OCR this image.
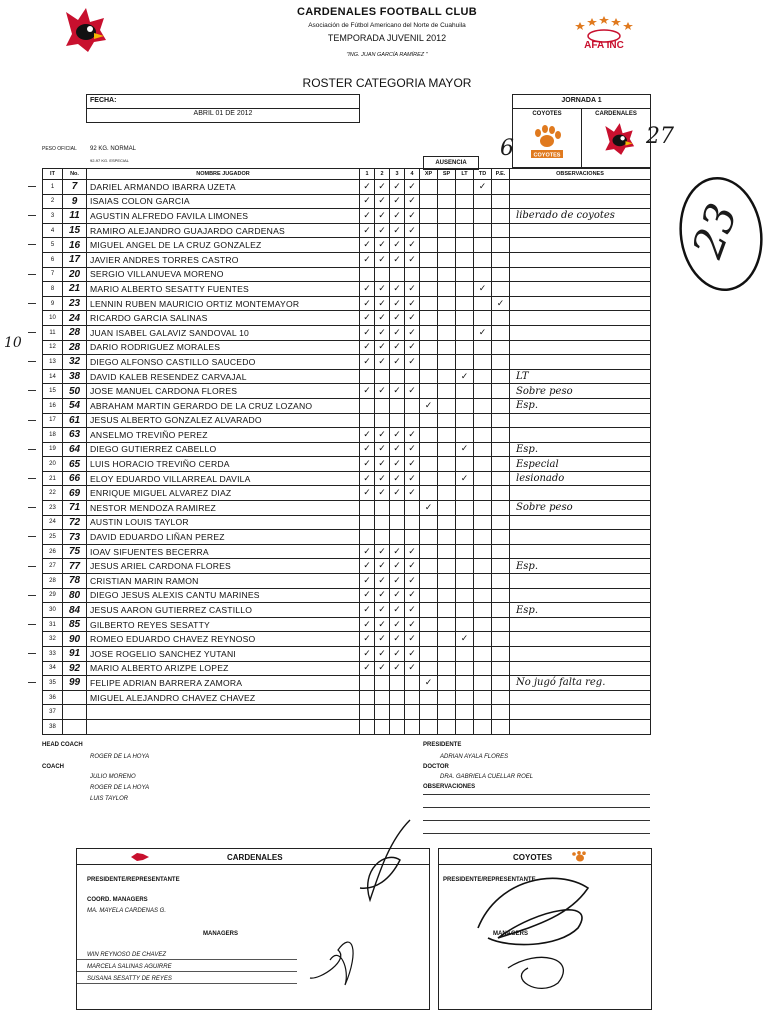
CARDENALES FOOTBALL CLUB
Asociación de Fútbol Americano del Norte de Cuahuila
TEMPORADA JUVENIL 2012
"ING. JUAN GARCÍA RAMÍREZ "
AFA INC
ROSTER CATEGORIA MAYOR
FECHA:
ABRIL 01 DE 2012
JORNADA 1
COYOTES	CARDENALES
COYOTES
6	27
23
PESO OFICIAL 92 KG. NORMAL
92-97 KG. ESPECIAL	AUSENCIA
10
IT	No.	NOMBRE JUGADOR	1	2	3	4	XP	SP	LT	TD	P.E.	OBSERVACIONES
1	7	DARIEL ARMANDO IBARRA UZETA	✓	✓	✓	✓				✓		
2	9	ISAIAS COLON GARCIA	✓	✓	✓	✓						
3	11	AGUSTIN ALFREDO FAVILA LIMONES	✓	✓	✓	✓						liberado de coyotes
4	15	RAMIRO ALEJANDRO GUAJARDO CARDENAS	✓	✓	✓	✓						
5	16	MIGUEL ANGEL DE LA CRUZ GONZALEZ	✓	✓	✓	✓						
6	17	JAVIER ANDRES TORRES CASTRO	✓	✓	✓	✓						
7	20	SERGIO VILLANUEVA MORENO										
8	21	MARIO ALBERTO SESATTY FUENTES	✓	✓	✓	✓				✓		
9	23	LENNIN RUBEN MAURICIO ORTIZ MONTEMAYOR	✓	✓	✓	✓					✓	
10	24	RICARDO GARCIA SALINAS	✓	✓	✓	✓						
11	28	JUAN ISABEL GALAVIZ SANDOVAL 10	✓	✓	✓	✓				✓		
12	28	DARIO RODRIGUEZ MORALES	✓	✓	✓	✓						
13	32	DIEGO ALFONSO CASTILLO SAUCEDO	✓	✓	✓	✓						
14	38	DAVID KALEB RESENDEZ CARVAJAL							✓			LT
15	50	JOSE MANUEL CARDONA FLORES	✓	✓	✓	✓						Sobre peso
16	54	ABRAHAM MARTIN GERARDO DE LA CRUZ LOZANO					✓					Esp.
17	61	JESUS ALBERTO GONZALEZ ALVARADO										
18	63	ANSELMO TREVIÑO PEREZ	✓	✓	✓	✓						
19	64	DIEGO GUTIERREZ CABELLO	✓	✓	✓	✓			✓			Esp.
20	65	LUIS HORACIO TREVIÑO CERDA	✓	✓	✓	✓						Especial
21	66	ELOY EDUARDO VILLARREAL DAVILA	✓	✓	✓	✓			✓			lesionado
22	69	ENRIQUE MIGUEL ALVAREZ DIAZ	✓	✓	✓	✓						
23	71	NESTOR MENDOZA RAMIREZ					✓					Sobre peso
24	72	AUSTIN LOUIS TAYLOR										
25	73	DAVID EDUARDO LIÑAN PEREZ										
26	75	IOAV SIFUENTES BECERRA	✓	✓	✓	✓						
27	77	JESUS ARIEL CARDONA FLORES	✓	✓	✓	✓						Esp.
28	78	CRISTIAN MARIN RAMON	✓	✓	✓	✓						
29	80	DIEGO JESUS ALEXIS CANTU MARINES	✓	✓	✓	✓						
30	84	JESUS AARON GUTIERREZ CASTILLO	✓	✓	✓	✓						Esp.
31	85	GILBERTO REYES SESATTY	✓	✓	✓	✓						
32	90	ROMEO EDUARDO CHAVEZ REYNOSO	✓	✓	✓	✓			✓			
33	91	JOSE ROGELIO SANCHEZ YUTANI	✓	✓	✓	✓						
34	92	MARIO ALBERTO ARIZPE LOPEZ	✓	✓	✓	✓						
35	99	FELIPE ADRIAN BARRERA ZAMORA					✓					No jugó falta reg.
36		MIGUEL ALEJANDRO CHAVEZ CHAVEZ										
37												
38												
HEAD COACH
ROGER DE LA HOYA
COACH
JULIO MORENO
ROGER DE LA HOYA
LUIS TAYLOR
PRESIDENTE
ADRIAN AYALA FLORES
DOCTOR
DRA. GABRIELA CUELLAR ROEL
OBSERVACIONES
CARDENALES
PRESIDENTE/REPRESENTANTE
COORD. MANAGERS
MA. MAYELA CARDENAS G.
MANAGERS
WIN REYNOSO DE CHAVEZ
MARCELA SALINAS AGUIRRE
SUSANA SESATTY DE REYES
COYOTES
PRESIDENTE/REPRESENTANTE
MANAGERS
